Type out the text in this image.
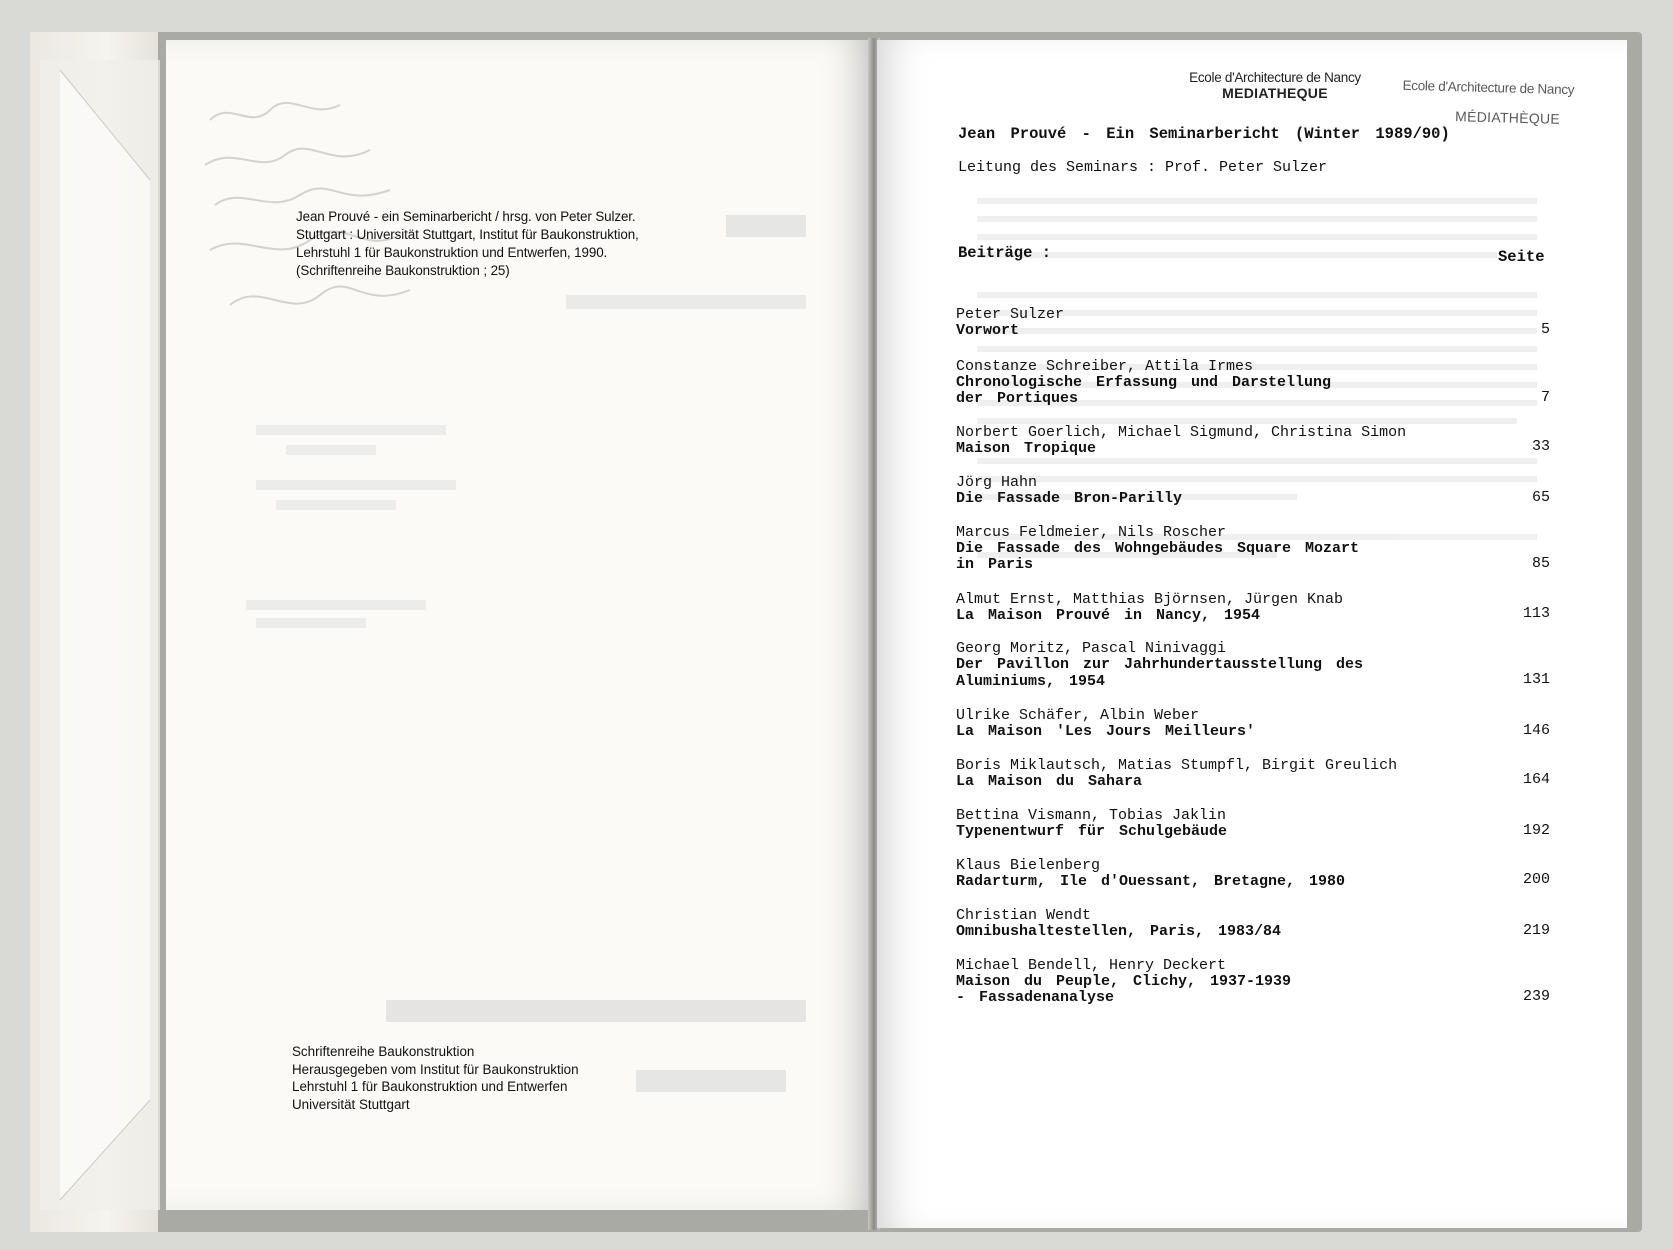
Jean Prouvé - ein Seminarbericht / hrsg. von Peter Sulzer.
Stuttgart : Universität Stuttgart, Institut für Baukonstruktion,
Lehrstuhl 1 für Baukonstruktion und Entwerfen, 1990.
(Schriftenreihe Baukonstruktion ; 25)
Schriftenreihe Baukonstruktion
Herausgegeben vom Institut für Baukonstruktion
Lehrstuhl 1 für Baukonstruktion und Entwerfen
Universität Stuttgart
Ecole d'Architecture de Nancy
MEDIATHEQUE	Ecole d'Architecture de Nancy
MÉDIATHÈQUE
Jean Prouvé - Ein Seminarbericht (Winter 1989/90)
Leitung des Seminars : Prof. Peter Sulzer
Beiträge :	Seite
Peter Sulzer
Vorwort	5
Constanze Schreiber, Attila Irmes
Chronologische Erfassung und Darstellung
der Portiques	7
Norbert Goerlich, Michael Sigmund, Christina Simon
Maison Tropique	33
Jörg Hahn
Die Fassade Bron-Parilly	65
Marcus Feldmeier, Nils Roscher
Die Fassade des Wohngebäudes Square Mozart
in Paris	85
Almut Ernst, Matthias Björnsen, Jürgen Knab
La Maison Prouvé in Nancy, 1954	113
Georg Moritz, Pascal Ninivaggi
Der Pavillon zur Jahrhundertausstellung des
Aluminiums, 1954	131
Ulrike Schäfer, Albin Weber
La Maison 'Les Jours Meilleurs'	146
Boris Miklautsch, Matias Stumpfl, Birgit Greulich
La Maison du Sahara	164
Bettina Vismann, Tobias Jaklin
Typenentwurf für Schulgebäude	192
Klaus Bielenberg
Radarturm, Ile d'Ouessant, Bretagne, 1980	200
Christian Wendt
Omnibushaltestellen, Paris, 1983/84	219
Michael Bendell, Henry Deckert
Maison du Peuple, Clichy, 1937-1939
- Fassadenanalyse	239
